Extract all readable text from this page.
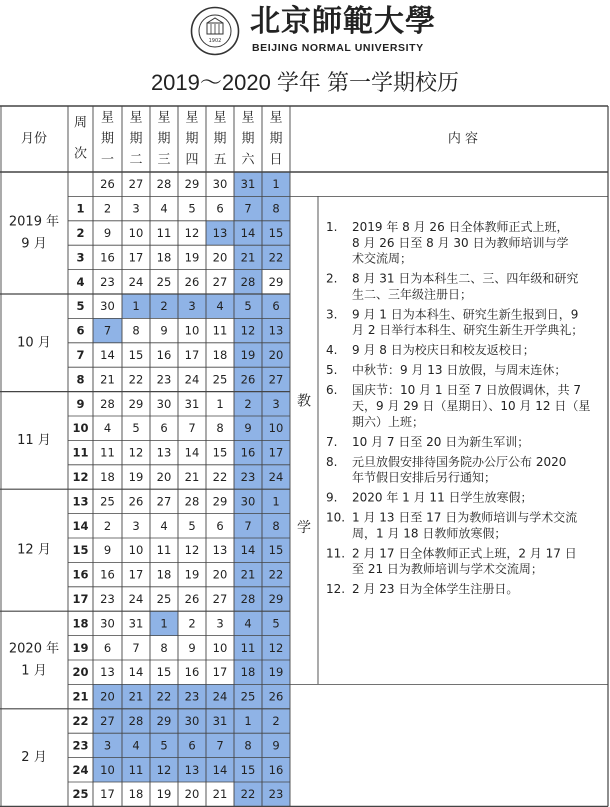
1902
北京師範大學
BEIJING NORMAL UNIVERSITY
2019～2020 学年 第一学期校历
月份
周
次
星
期
一
星
期
二
星
期
三
星
期
四
星
期
五
星
期
六
星
期
日
内 容
26 27 28 29 30 31 1
1 2 3 4 5 6 7 8
2 9 10 11 12 13 14 15
3 16 17 18 19 20 21 22
4 23 24 25 26 27 28 29
5 30 1 2 3 4 5 6
6 7 8 9 10 11 12 13
7 14 15 16 17 18 19 20
8 21 22 23 24 25 26 27
9 28 29 30 31 1 2 3
10 4 5 6 7 8 9 10
11 11 12 13 14 15 16 17
12 18 19 20 21 22 23 24
13 25 26 27 28 29 30 1
14 2 3 4 5 6 7 8
15 9 10 11 12 13 14 15
16 16 17 18 19 20 21 22
17 23 24 25 26 27 28 29
18 30 31 1 2 3 4 5
19 6 7 8 9 10 11 12
20 13 14 15 16 17 18 19
21 20 21 22 23 24 25 26
22 27 28 29 30 31 1 2
23 3 4 5 6 7 8 9
24 10 11 12 13 14 15 16
25 17 18 19 20 21 22 23
2019 年
9 月
10 月
11 月
12 月
2020 年
1 月
2 月
教
学
1. 2019 年 8 月 26 日全体教师正式上班，
8 月 26 日至 8 月 30 日为教师培训与学
术交流周；
2. 8 月 31 日为本科生二、三、四年级和研究
生二、三年级注册日；
3. 9 月 1 日为本科生、研究生新生报到日，9
月 2 日举行本科生、研究生新生开学典礼；
4. 9 月 8 日为校庆日和校友返校日；
5. 中秋节：9 月 13 日放假，与周末连休；
6. 国庆节：10 月 1 日至 7 日放假调休，共 7
天，9 月 29 日（星期日）、10 月 12 日（星
期六）上班；
7. 10 月 7 日至 20 日为新生军训；
8. 元旦放假安排待国务院办公厅公布 2020
年节假日安排后另行通知；
9. 2020 年 1 月 11 日学生放寒假；
10. 1 月 13 日至 17 日为教师培训与学术交流
周，1 月 18 日教师放寒假；
11. 2 月 17 日全体教师正式上班，2 月 17 日
至 21 日为教师培训与学术交流周；
12. 2 月 23 日为全体学生注册日。
